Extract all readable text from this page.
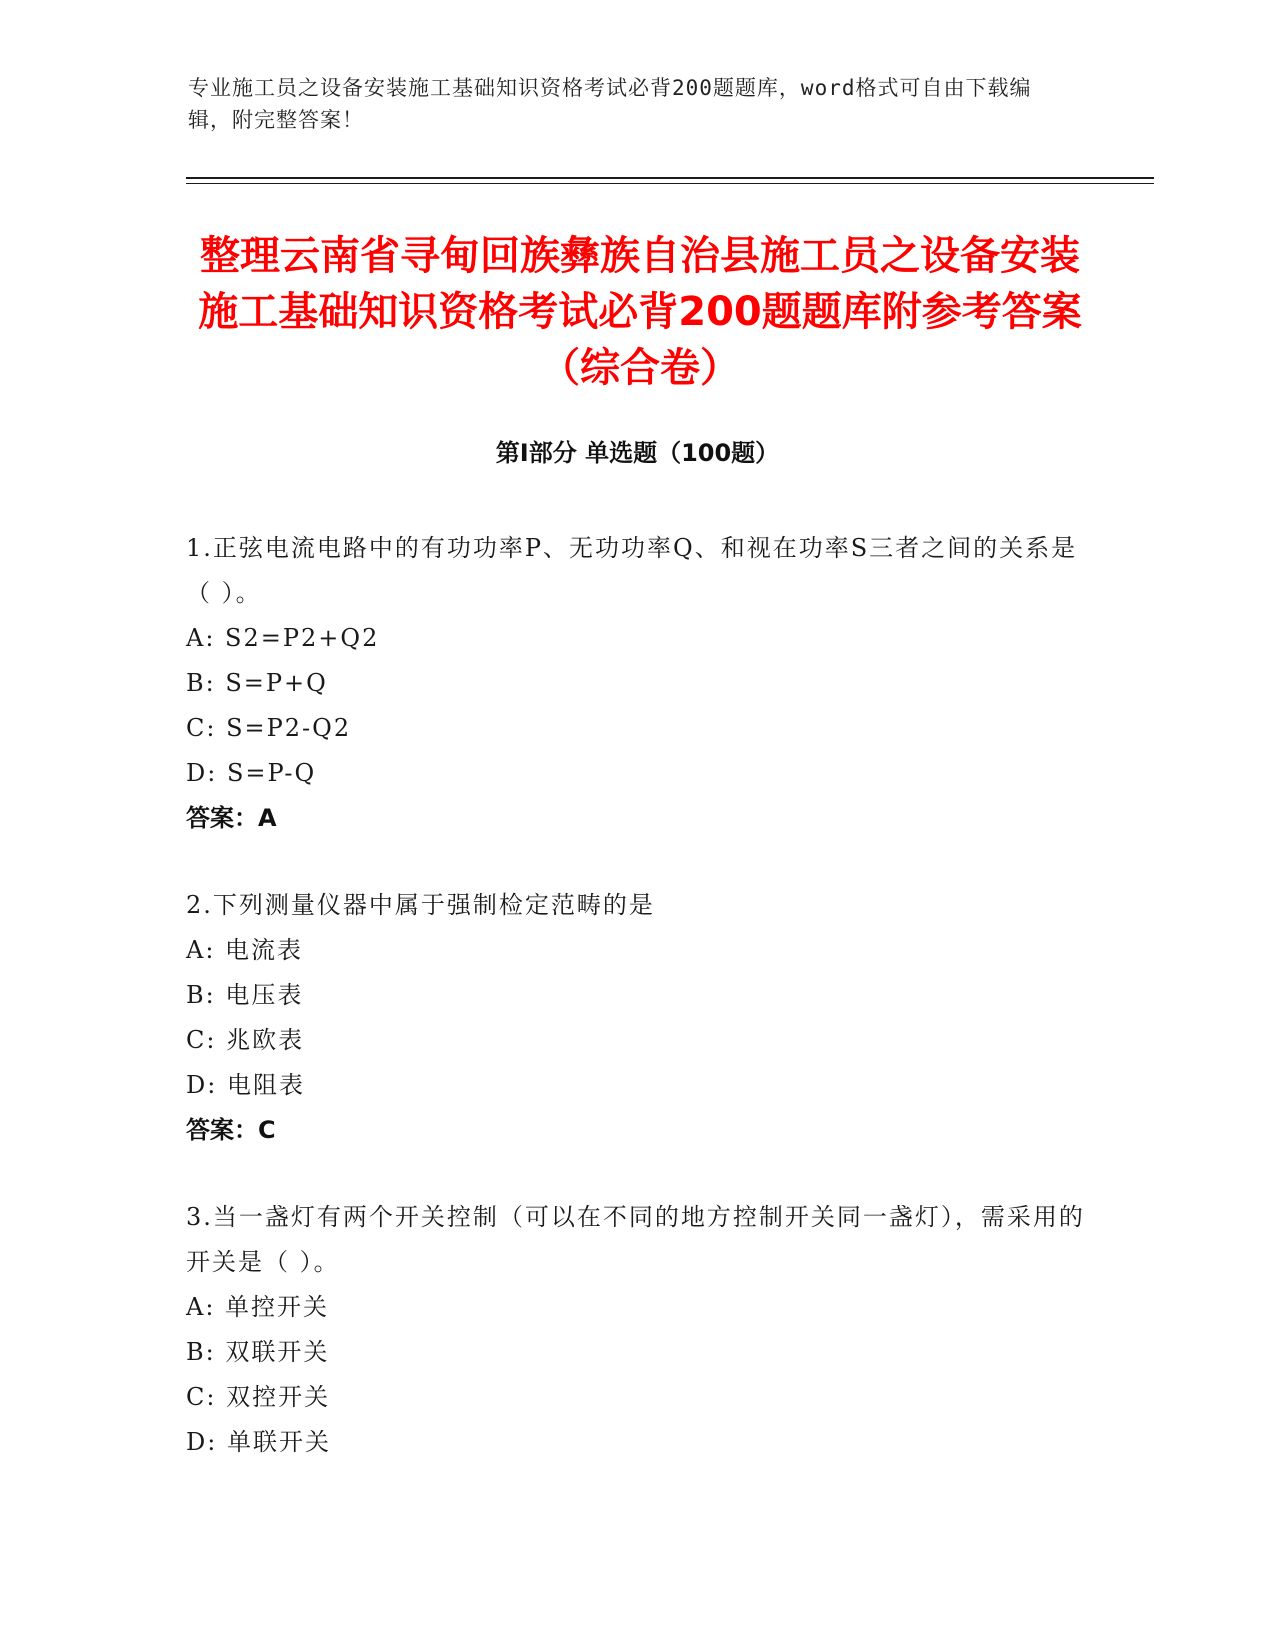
专业施工员之设备安装施工基础知识资格考试必背200题题库，word格式可自由下载编辑，附完整答案！
整理云南省寻甸回族彝族自治县施工员之设备安装施工基础知识资格考试必背200题题库附参考答案（综合卷）
第Ⅰ部分 单选题（100题）
1.正弦电流电路中的有功功率P、无功功率Q、和视在功率S三者之间的关系是（ ）。
A: S2=P2+Q2
B: S=P+Q
C: S=P2-Q2
D: S=P-Q
答案：A
2.下列测量仪器中属于强制检定范畴的是
A: 电流表
B: 电压表
C: 兆欧表
D: 电阻表
答案：C
3.当一盏灯有两个开关控制（可以在不同的地方控制开关同一盏灯），需采用的开关是（ ）。
A: 单控开关
B: 双联开关
C: 双控开关
D: 单联开关
